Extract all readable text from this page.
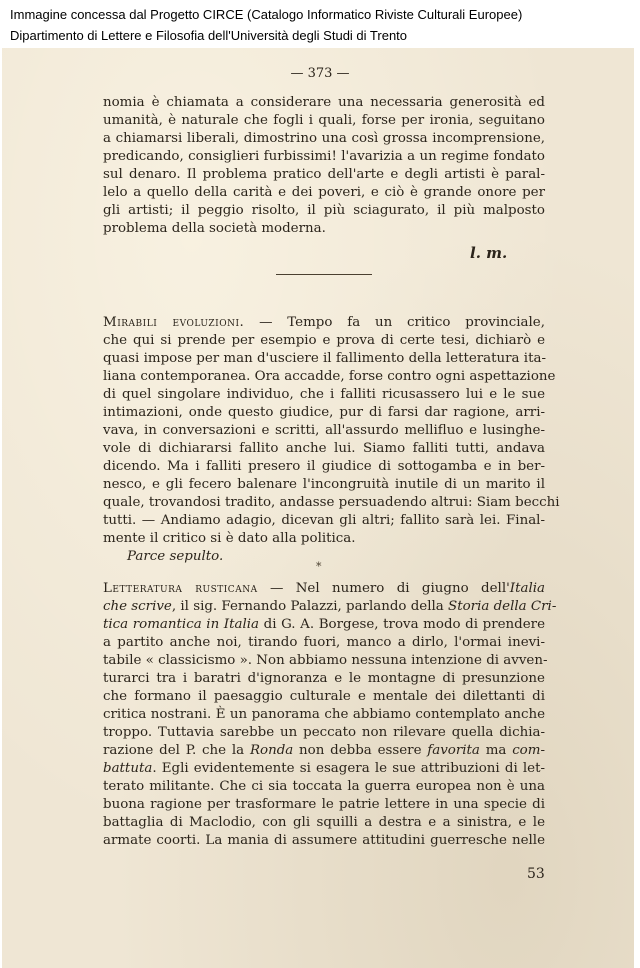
Immagine concessa dal Progetto CIRCE (Catalogo Informatico Riviste Culturali Europee)
Dipartimento di Lettere e Filosofia dell'Università degli Studi di Trento
— 373 —
nomia è chiamata a considerare una necessaria generosità ed
umanità, è naturale che fogli i quali, forse per ironia, seguitano
a chiamarsi liberali, dimostrino una così grossa incomprensione,
predicando, consiglieri furbissimi! l'avarizia a un regime fondato
sul denaro. Il problema pratico dell'arte e degli artisti è paral-
lelo a quello della carità e dei poveri, e ciò è grande onore per
gli artisti; il peggio risolto, il più sciagurato, il più malposto
problema della società moderna.
l. m.
Mirabili evoluzioni. — Tempo fa un critico provinciale,
che qui si prende per esempio e prova di certe tesi, dichiarò e
quasi impose per man d'usciere il fallimento della letteratura ita-
liana contemporanea. Ora accadde, forse contro ogni aspettazione
di quel singolare individuo, che i falliti ricusassero lui e le sue
intimazioni, onde questo giudice, pur di farsi dar ragione, arri-
vava, in conversazioni e scritti, all'assurdo mellifluo e lusinghe-
vole di dichiararsi fallito anche lui. Siamo falliti tutti, andava
dicendo. Ma i falliti presero il giudice di sottogamba e in ber-
nesco, e gli fecero balenare l'incongruità inutile di un marito il
quale, trovandosi tradito, andasse persuadendo altrui: Siam becchi
tutti. — Andiamo adagio, dicevan gli altri; fallito sarà lei. Final-
mente il critico si è dato alla politica.
Parce sepulto.
*
Letteratura rusticana — Nel numero di giugno dell'Italia
che scrive, il sig. Fernando Palazzi, parlando della Storia della Cri-
tica romantica in Italia di G. A. Borgese, trova modo di prendere
a partito anche noi, tirando fuori, manco a dirlo, l'ormai inevi-
tabile « classicismo ». Non abbiamo nessuna intenzione di avven-
turarci tra i baratri d'ignoranza e le montagne di presunzione
che formano il paesaggio culturale e mentale dei dilettanti di
critica nostrani. È un panorama che abbiamo contemplato anche
troppo. Tuttavia sarebbe un peccato non rilevare quella dichia-
razione del P. che la Ronda non debba essere favorita ma com-
battuta. Egli evidentemente si esagera le sue attribuzioni di let-
terato militante. Che ci sia toccata la guerra europea non è una
buona ragione per trasformare le patrie lettere in una specie di
battaglia di Maclodio, con gli squilli a destra e a sinistra, e le
armate coorti. La mania di assumere attitudini guerresche nelle
53
